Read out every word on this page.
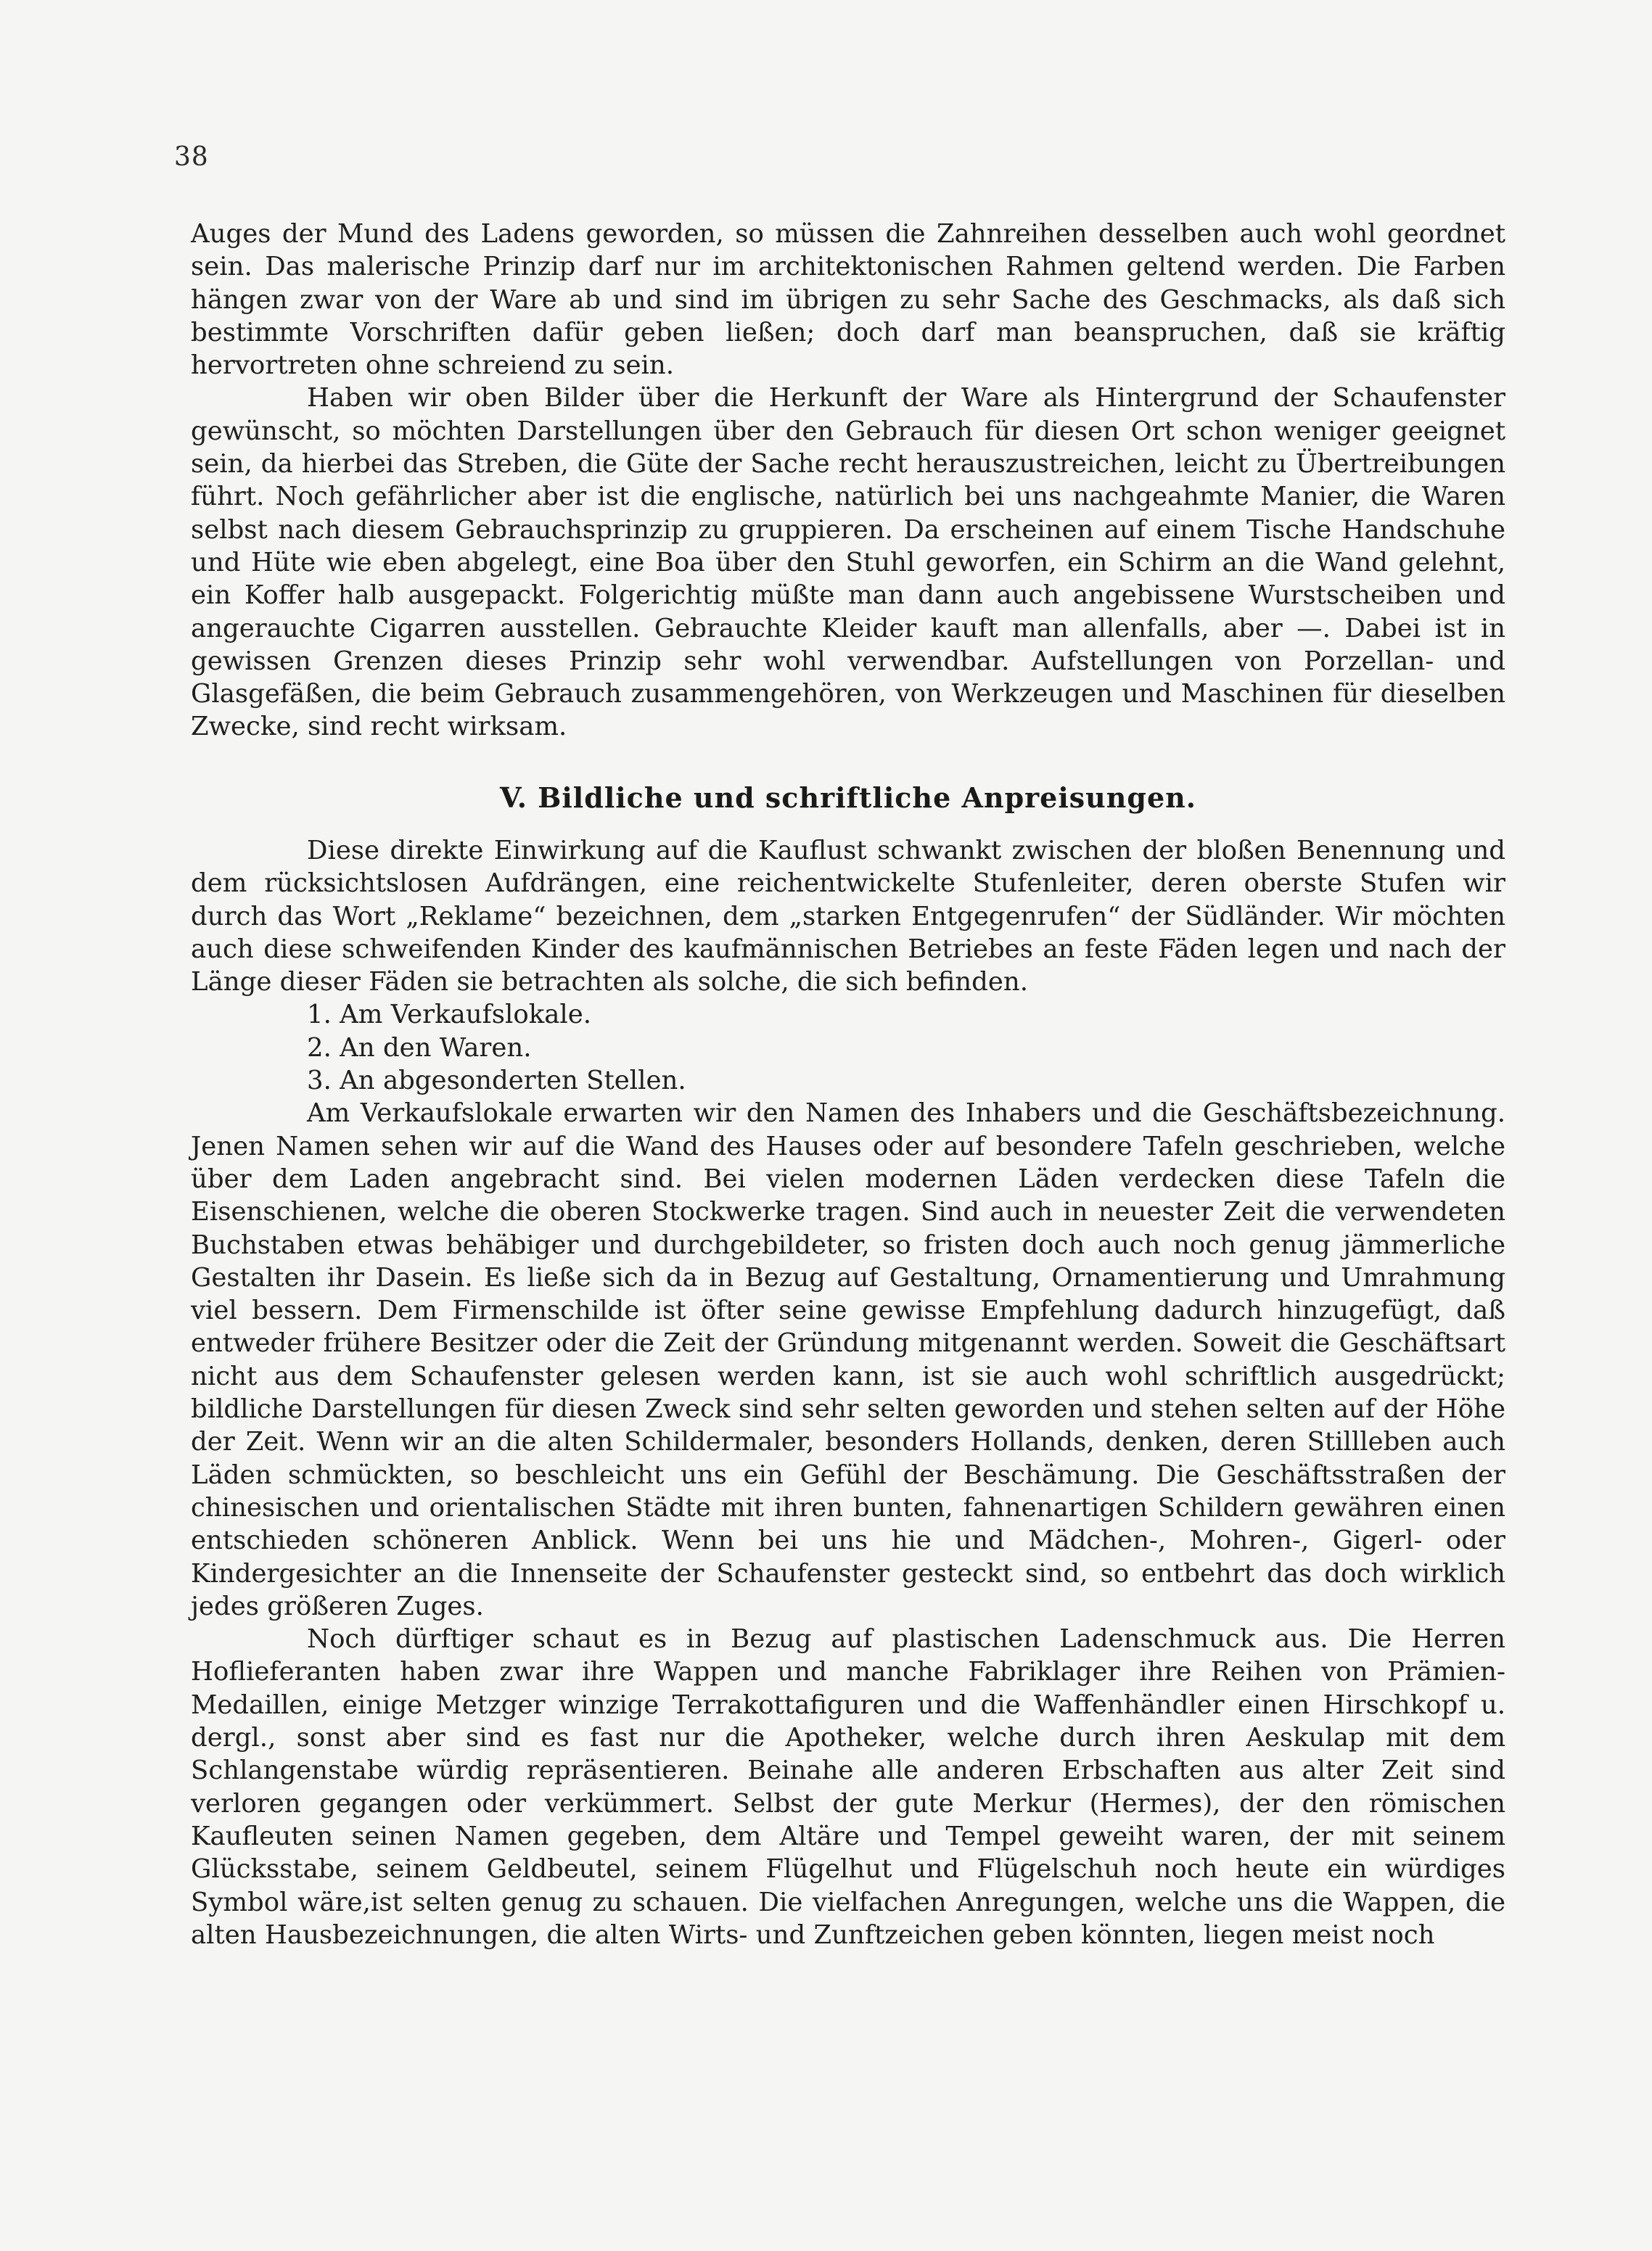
38

Auges der Mund des Ladens geworden, so müssen die Zahnreihen desselben auch wohl geordnet sein. Das malerische Prinzip darf nur im architektonischen Rahmen geltend werden. Die Farben hängen zwar von der Ware ab und sind im übrigen zu sehr Sache des Geschmacks, als daß sich bestimmte Vorschriften dafür geben ließen; doch darf man beanspruchen, daß sie kräftig hervortreten ohne schreiend zu sein.

Haben wir oben Bilder über die Herkunft der Ware als Hintergrund der Schaufenster gewünscht, so möchten Darstellungen über den Gebrauch für diesen Ort schon weniger geeignet sein, da hierbei das Streben, die Güte der Sache recht herauszustreichen, leicht zu Übertreibungen führt. Noch gefährlicher aber ist die englische, natürlich bei uns nachgeahmte Manier, die Waren selbst nach diesem Gebrauchsprinzip zu gruppieren. Da erscheinen auf einem Tische Handschuhe und Hüte wie eben abgelegt, eine Boa über den Stuhl geworfen, ein Schirm an die Wand gelehnt, ein Koffer halb ausgepackt. Folgerichtig müßte man dann auch angebissene Wurstscheiben und angerauchte Cigarren ausstellen. Gebrauchte Kleider kauft man allenfalls, aber —. Dabei ist in gewissen Grenzen dieses Prinzip sehr wohl verwendbar. Aufstellungen von Porzellan- und Glasgefäßen, die beim Gebrauch zusammengehören, von Werkzeugen und Maschinen für dieselben Zwecke, sind recht wirksam.

V. Bildliche und schriftliche Anpreisungen.

Diese direkte Einwirkung auf die Kauflust schwankt zwischen der bloßen Benennung und dem rücksichtslosen Aufdrängen, eine reichentwickelte Stufenleiter, deren oberste Stufen wir durch das Wort „Reklame“ bezeichnen, dem „starken Entgegenrufen“ der Südländer. Wir möchten auch diese schweifenden Kinder des kaufmännischen Betriebes an feste Fäden legen und nach der Länge dieser Fäden sie betrachten als solche, die sich befinden.

1. Am Verkaufslokale.
2. An den Waren.
3. An abgesonderten Stellen.

Am Verkaufslokale erwarten wir den Namen des Inhabers und die Geschäftsbezeichnung. Jenen Namen sehen wir auf die Wand des Hauses oder auf besondere Tafeln geschrieben, welche über dem Laden angebracht sind. Bei vielen modernen Läden verdecken diese Tafeln die Eisenschienen, welche die oberen Stockwerke tragen. Sind auch in neuester Zeit die verwendeten Buchstaben etwas behäbiger und durchgebildeter, so fristen doch auch noch genug jämmerliche Gestalten ihr Dasein. Es ließe sich da in Bezug auf Gestaltung, Ornamentierung und Umrahmung viel bessern. Dem Firmenschilde ist öfter seine gewisse Empfehlung dadurch hinzugefügt, daß entweder frühere Besitzer oder die Zeit der Gründung mitgenannt werden. Soweit die Geschäftsart nicht aus dem Schaufenster gelesen werden kann, ist sie auch wohl schriftlich ausgedrückt; bildliche Darstellungen für diesen Zweck sind sehr selten geworden und stehen selten auf der Höhe der Zeit. Wenn wir an die alten Schildermaler, besonders Hollands, denken, deren Stillleben auch Läden schmückten, so beschleicht uns ein Gefühl der Beschämung. Die Geschäftsstraßen der chinesischen und orientalischen Städte mit ihren bunten, fahnenartigen Schildern gewähren einen entschieden schöneren Anblick. Wenn bei uns hie und Mädchen-, Mohren-, Gigerl- oder Kindergesichter an die Innenseite der Schaufenster gesteckt sind, so entbehrt das doch wirklich jedes größeren Zuges.

Noch dürftiger schaut es in Bezug auf plastischen Ladenschmuck aus. Die Herren Hoflieferanten haben zwar ihre Wappen und manche Fabriklager ihre Reihen von Prämien-Medaillen, einige Metzger winzige Terrakottafiguren und die Waffenhändler einen Hirschkopf u. dergl., sonst aber sind es fast nur die Apotheker, welche durch ihren Aeskulap mit dem Schlangenstabe würdig repräsentieren. Beinahe alle anderen Erbschaften aus alter Zeit sind verloren gegangen oder verkümmert. Selbst der gute Merkur (Hermes), der den römischen Kaufleuten seinen Namen gegeben, dem Altäre und Tempel geweiht waren, der mit seinem Glücksstabe, seinem Geldbeutel, seinem Flügelhut und Flügelschuh noch heute ein würdiges Symbol wäre,ist selten genug zu schauen. Die vielfachen Anregungen, welche uns die Wappen, die alten Hausbezeichnungen, die alten Wirts- und Zunftzeichen geben könnten, liegen meist noch
